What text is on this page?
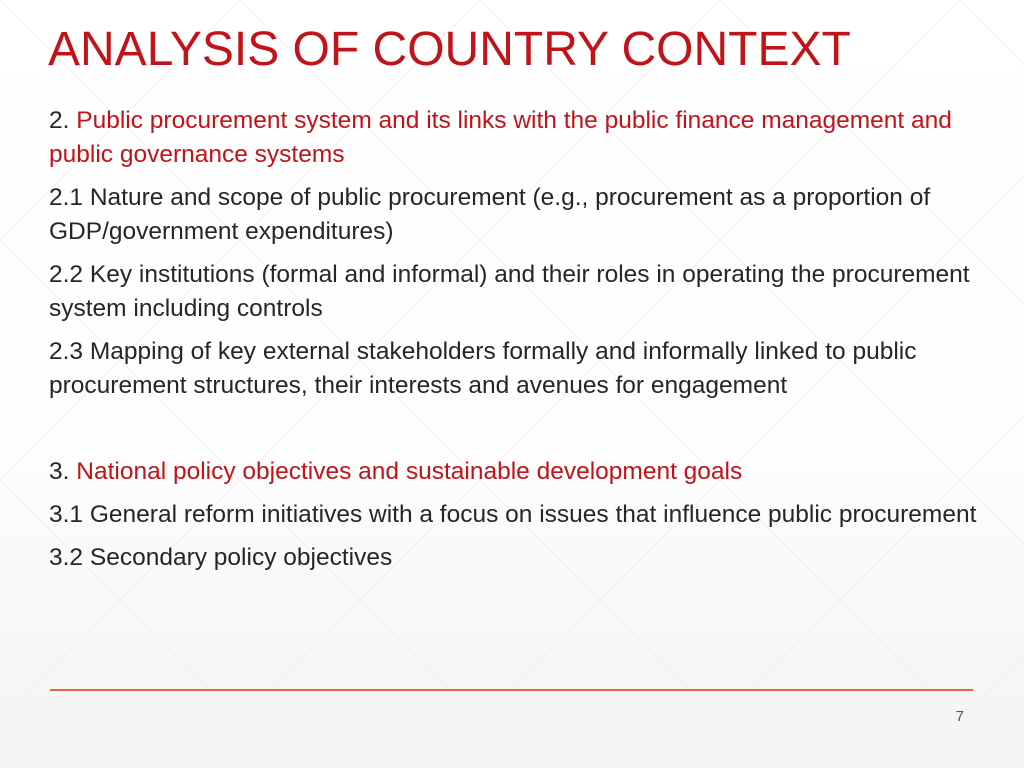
ANALYSIS OF COUNTRY CONTEXT

2. Public procurement system and its links with the public finance management and public governance systems

2.1 Nature and scope of public procurement (e.g., procurement as a proportion of GDP/government expenditures)

2.2 Key institutions (formal and informal) and their roles in operating the procurement system including controls

2.3 Mapping of key external stakeholders formally and informally linked to public procurement structures, their interests and avenues for engagement

3. National policy objectives and sustainable development goals

3.1 General reform initiatives with a focus on issues that influence public procurement

3.2 Secondary policy objectives

7
